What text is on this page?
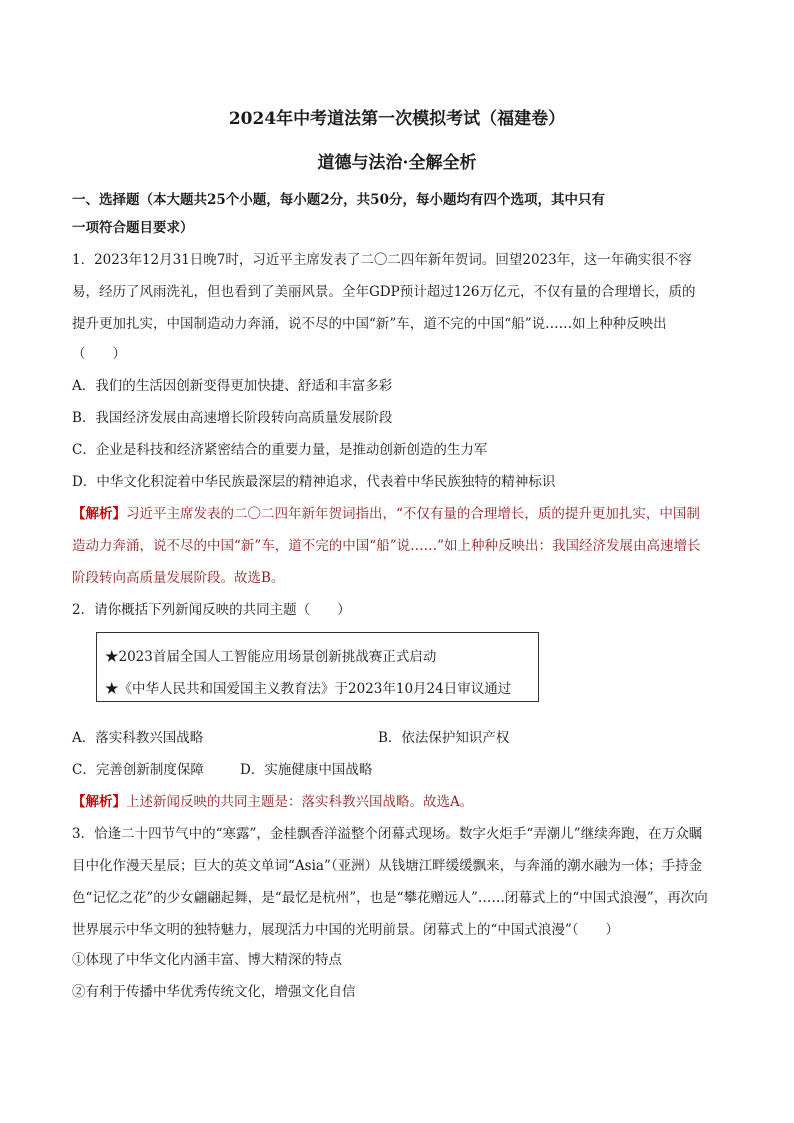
2024年中考道法第一次模拟考试（福建卷）
道德与法治·全解全析
一、选择题（本大题共25个小题，每小题2分，共50分，每小题均有四个选项，其中只有
一项符合题目要求）
1．2023年12月31日晚7时，习近平主席发表了二〇二四年新年贺词。回望2023年，这一年确实很不容
易，经历了风雨洗礼，但也看到了美丽风景。全年GDP预计超过126万亿元，不仅有量的合理增长，质的
提升更加扎实，中国制造动力奔涌，说不尽的中国“新”车，道不完的中国“船”说……如上种种反映出
（　　）
A．我们的生活因创新变得更加快捷、舒适和丰富多彩
B．我国经济发展由高速增长阶段转向高质量发展阶段
C．企业是科技和经济紧密结合的重要力量，是推动创新创造的生力军
D．中华文化积淀着中华民族最深层的精神追求，代表着中华民族独特的精神标识
【解析】习近平主席发表的二〇二四年新年贺词指出，“不仅有量的合理增长，质的提升更加扎实，中国制
造动力奔涌，说不尽的中国“新”车，道不完的中国“船”说……”如上种种反映出：我国经济发展由高速增长
阶段转向高质量发展阶段。故选B。
2．请你概括下列新闻反映的共同主题（　　）
★2023首届全国人工智能应用场景创新挑战赛正式启动
★《中华人民共和国爱国主义教育法》于2023年10月24日审议通过
A．落实科教兴国战略	B．依法保护知识产权
C．完善创新制度保障	D．实施健康中国战略
【解析】上述新闻反映的共同主题是：落实科教兴国战略。故选A。
3．恰逢二十四节气中的“寒露”，金桂飘香洋溢整个闭幕式现场。数字火炬手“弄潮儿”继续奔跑，在万众瞩
目中化作漫天星辰；巨大的英文单词“Asia”（亚洲）从钱塘江畔缓缓飘来，与奔涌的潮水融为一体；手持金
色“记忆之花”的少女翩翩起舞，是“最忆是杭州”，也是“攀花赠远人”……闭幕式上的“中国式浪漫”，再次向
世界展示中华文明的独特魅力，展现活力中国的光明前景。闭幕式上的“中国式浪漫”（　　）
①体现了中华文化内涵丰富、博大精深的特点
②有利于传播中华优秀传统文化，增强文化自信
